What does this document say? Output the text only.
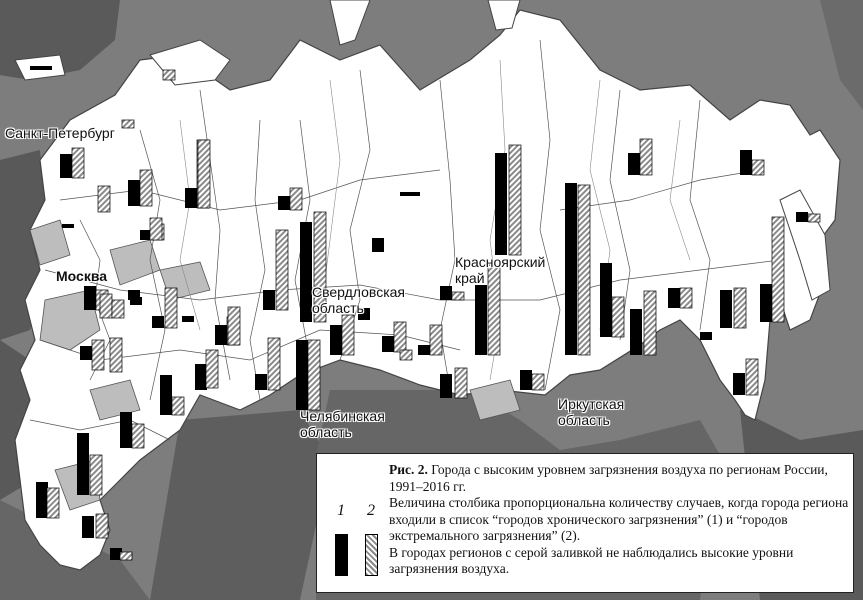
Санкт-Петербург
Москва
Свердловская область
Красноярский край
Челябинская область
Иркутская область
1 2

Рис. 2. Города с высоким уровнем загрязнения воздуха по регионам России, 1991–2016 гг.

Величина столбика пропорциональна количеству случаев, когда города региона входили в список “городов хронического загрязнения” (1) и “городов экстремального загрязнения” (2).

В городах регионов с серой заливкой не наблюдались высокие уровни загрязнения воздуха.
